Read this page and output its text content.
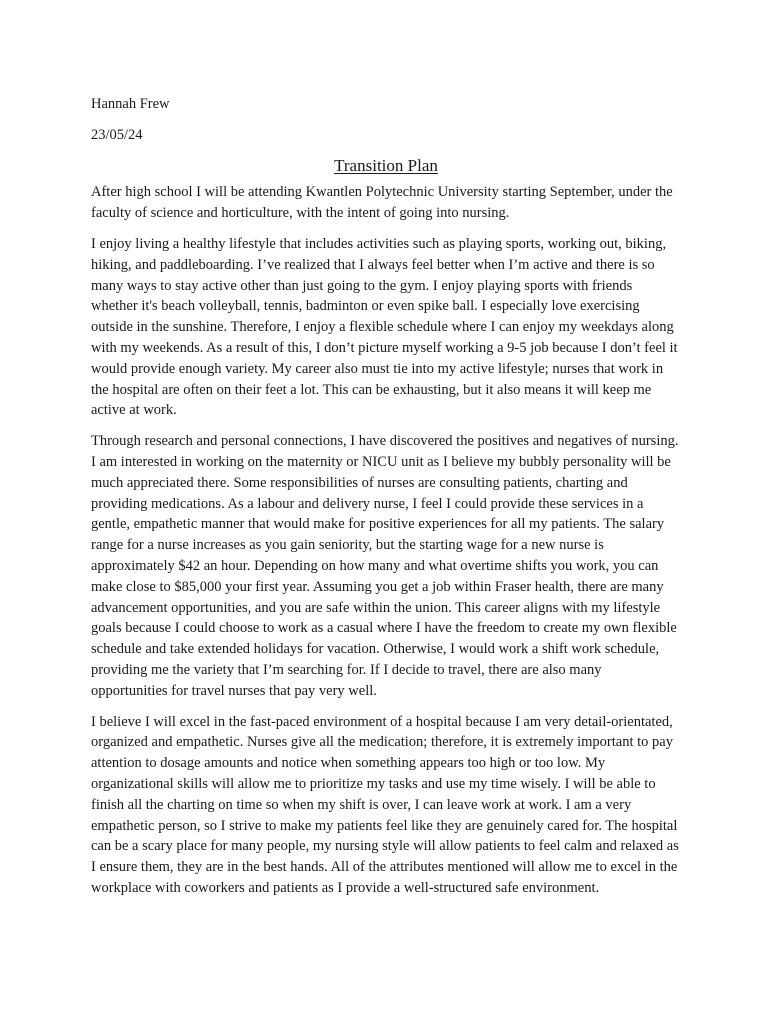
Hannah Frew

23/05/24

Transition Plan

After high school I will be attending Kwantlen Polytechnic University starting September, under the faculty of science and horticulture, with the intent of going into nursing.

I enjoy living a healthy lifestyle that includes activities such as playing sports, working out, biking, hiking, and paddleboarding. I’ve realized that I always feel better when I’m active and there is so many ways to stay active other than just going to the gym. I enjoy playing sports with friends whether it's beach volleyball, tennis, badminton or even spike ball. I especially love exercising outside in the sunshine. Therefore, I enjoy a flexible schedule where I can enjoy my weekdays along with my weekends. As a result of this, I don’t picture myself working a 9-5 job because I don’t feel it would provide enough variety. My career also must tie into my active lifestyle; nurses that work in the hospital are often on their feet a lot. This can be exhausting, but it also means it will keep me active at work.

Through research and personal connections, I have discovered the positives and negatives of nursing. I am interested in working on the maternity or NICU unit as I believe my bubbly personality will be much appreciated there. Some responsibilities of nurses are consulting patients, charting and providing medications. As a labour and delivery nurse, I feel I could provide these services in a gentle, empathetic manner that would make for positive experiences for all my patients. The salary range for a nurse increases as you gain seniority, but the starting wage for a new nurse is approximately $42 an hour. Depending on how many and what overtime shifts you work, you can make close to $85,000 your first year. Assuming you get a job within Fraser health, there are many advancement opportunities, and you are safe within the union. This career aligns with my lifestyle goals because I could choose to work as a casual where I have the freedom to create my own flexible schedule and take extended holidays for vacation. Otherwise, I would work a shift work schedule, providing me the variety that I’m searching for. If I decide to travel, there are also many opportunities for travel nurses that pay very well.

I believe I will excel in the fast-paced environment of a hospital because I am very detail-orientated, organized and empathetic. Nurses give all the medication; therefore, it is extremely important to pay attention to dosage amounts and notice when something appears too high or too low. My organizational skills will allow me to prioritize my tasks and use my time wisely. I will be able to finish all the charting on time so when my shift is over, I can leave work at work. I am a very empathetic person, so I strive to make my patients feel like they are genuinely cared for. The hospital can be a scary place for many people, my nursing style will allow patients to feel calm and relaxed as I ensure them, they are in the best hands. All of the attributes mentioned will allow me to excel in the workplace with coworkers and patients as I provide a well-structured safe environment.
